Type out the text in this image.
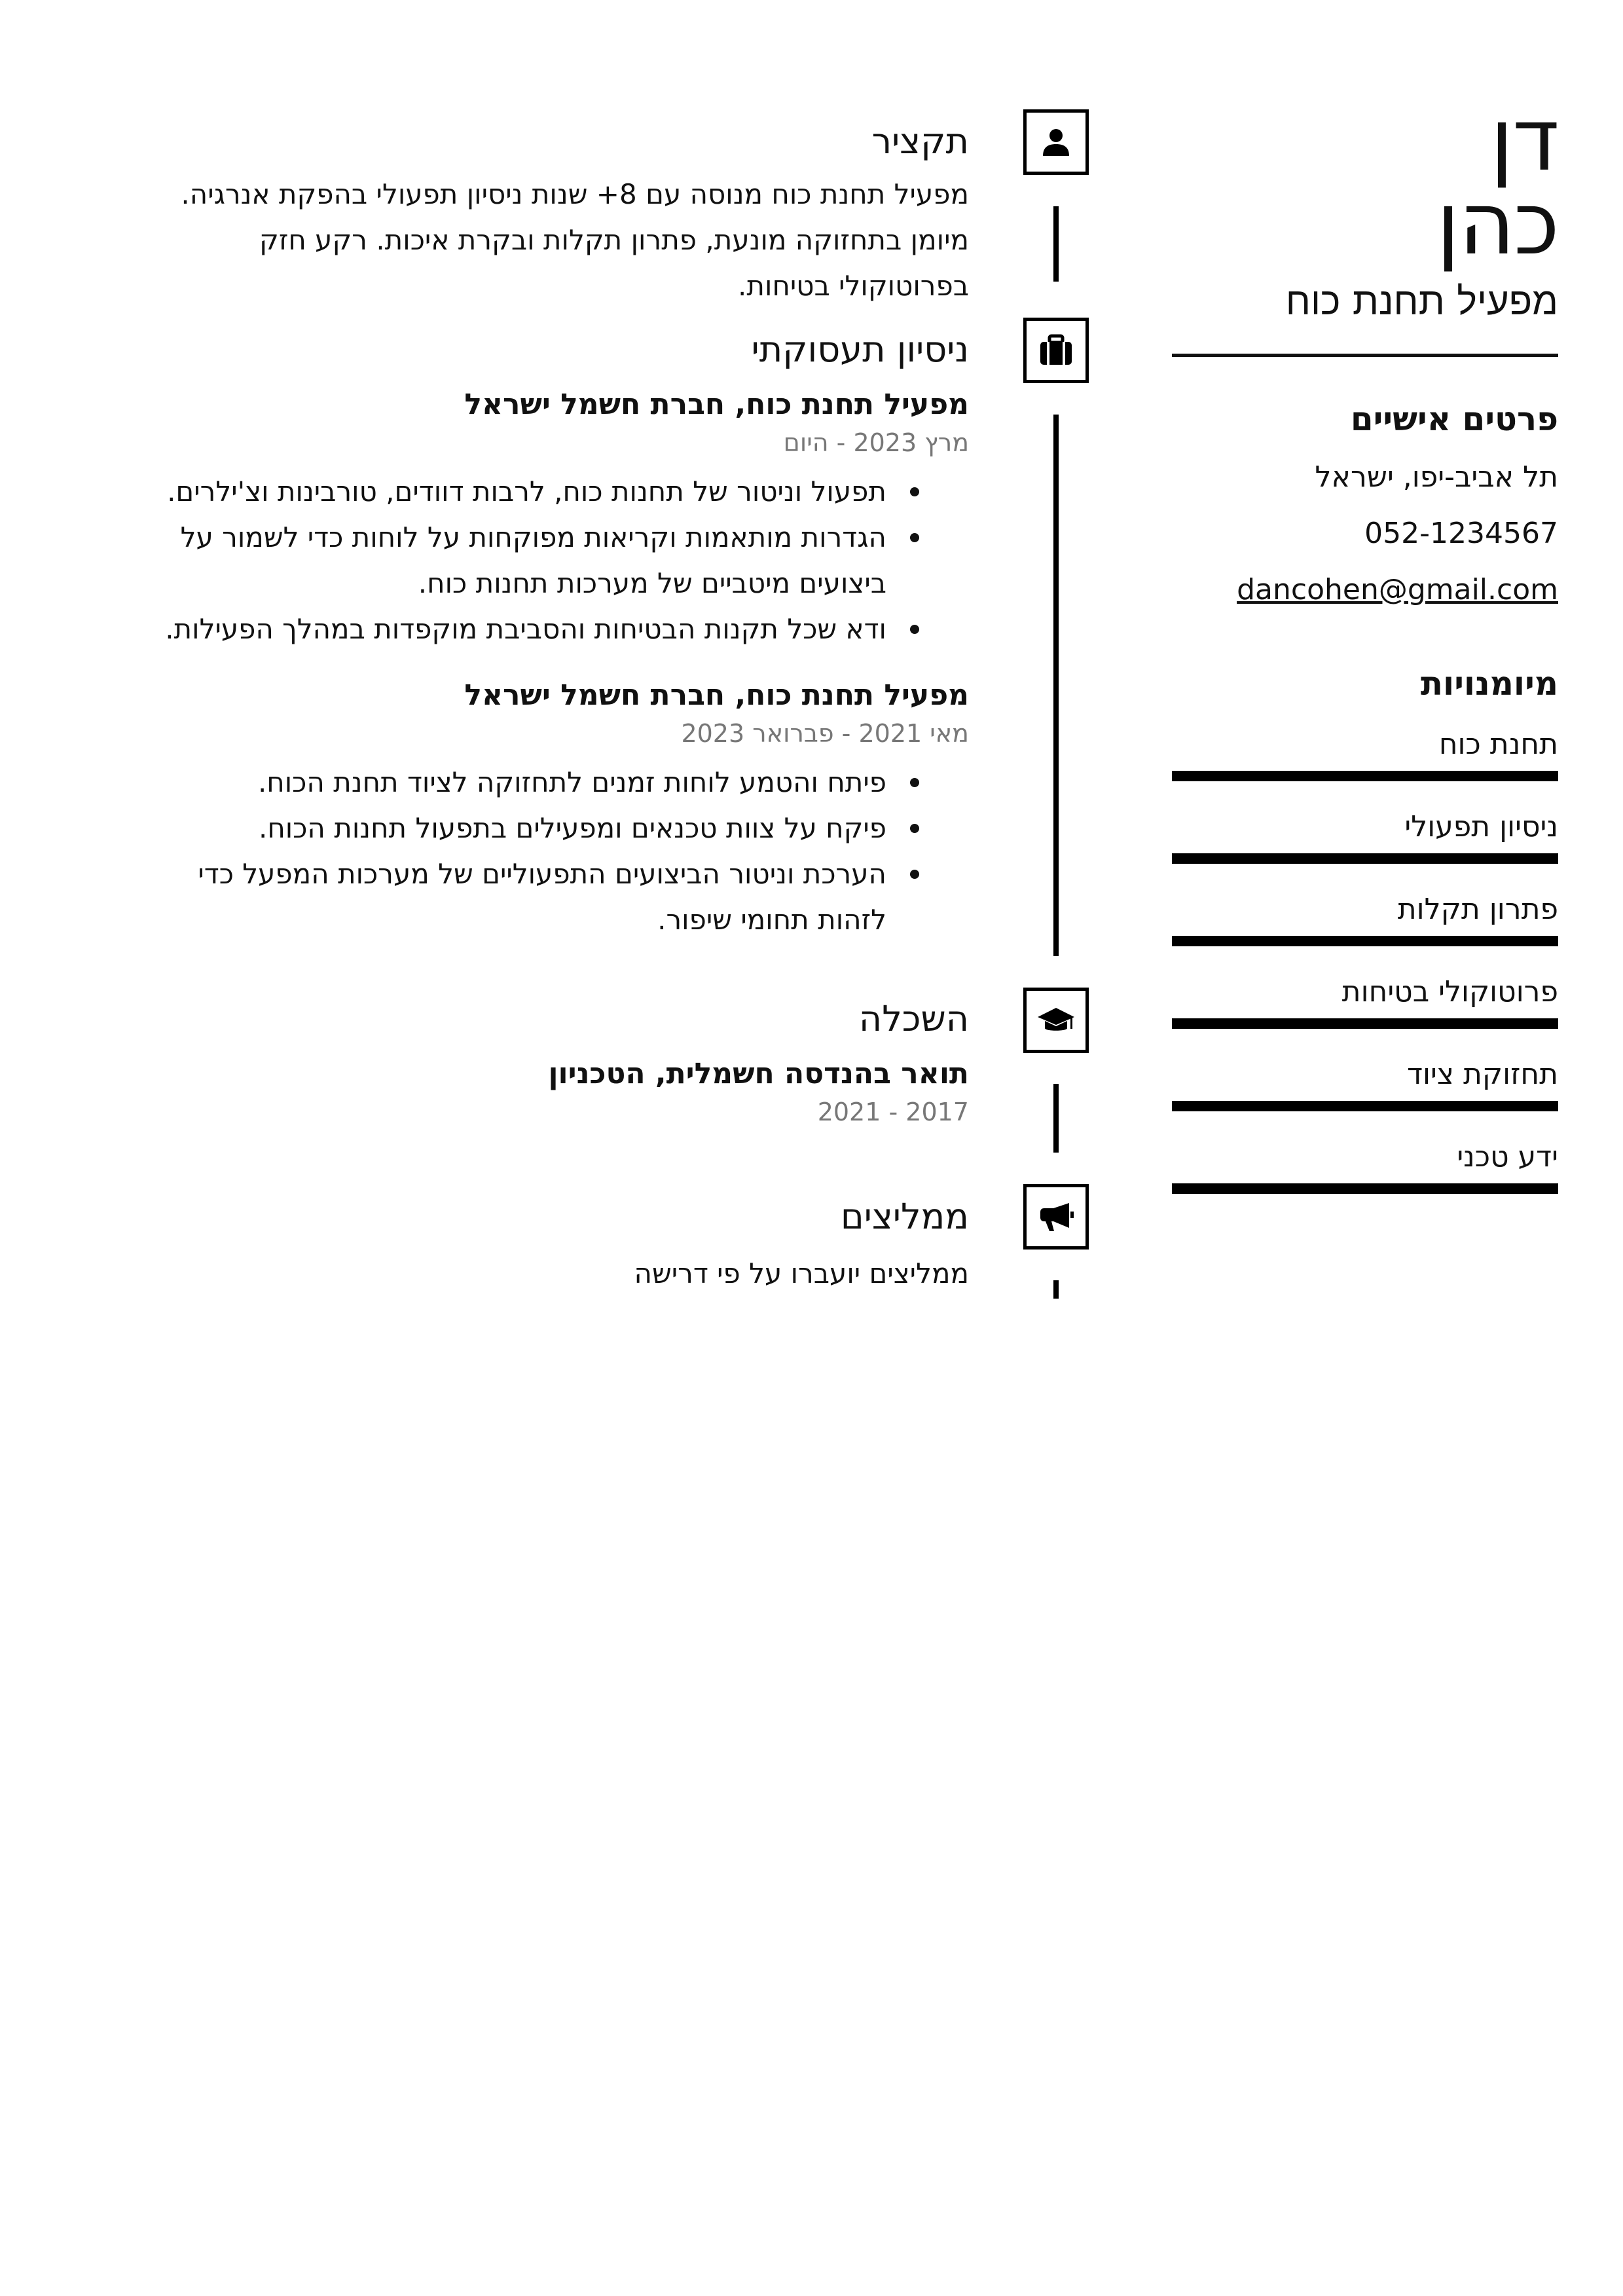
דן
כהן
מפעיל תחנת כוח
פרטים אישיים
תל אביב-יפו, ישראל
052-1234567
dancohen@gmail.com
מיומנויות
תחנת כוח
ניסיון תפעולי
פתרון תקלות
פרוטוקולי בטיחות
תחזוקת ציוד
ידע טכני
תקציר
מפעיל תחנת כוח מנוסה עם 8+ שנות ניסיון תפעולי בהפקת אנרגיה. מיומן בתחזוקה מונעת, פתרון תקלות ובקרת איכות. רקע חזק בפרוטוקולי בטיחות.
ניסיון תעסוקתי
מפעיל תחנת כוח, חברת חשמל ישראל
מרץ 2023 - היום
תפעול וניטור של תחנות כוח, לרבות דוודים, טורבינות וצ'ילרים.
הגדרות מותאמות וקריאות מפוקחות על לוחות כדי לשמור על ביצועים מיטביים של מערכות תחנות כוח.
ודא שכל תקנות הבטיחות והסביבת מוקפדות במהלך הפעילות.
מפעיל תחנת כוח, חברת חשמל ישראל
מאי 2021 - פברואר 2023
פיתח והטמע לוחות זמנים לתחזוקה לציוד תחנת הכוח.
פיקח על צוות טכנאים ומפעילים בתפעול תחנות הכוח.
הערכת וניטור הביצועים התפעוליים של מערכות המפעל כדי לזהות תחומי שיפור.
השכלה
תואר בהנדסה חשמלית, הטכניון
2017 - 2021
ממליצים
ממליצים יועברו על פי דרישה
